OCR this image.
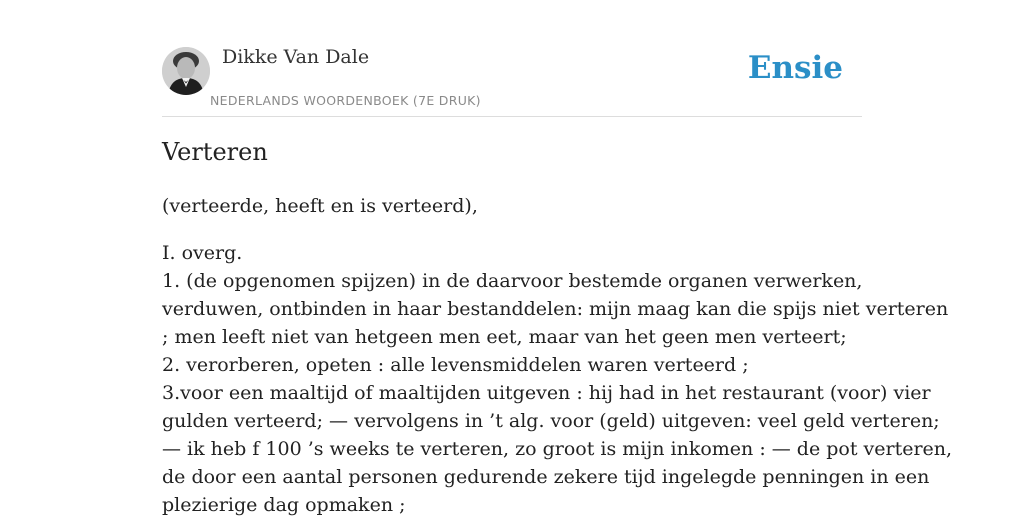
Dikke Van Dale
NEDERLANDS WOORDENBOEK (7E DRUK)
Ensie
Verteren

(verteerde, heeft en is verteerd),

I. overg.
1. (de opgenomen spijzen) in de daarvoor bestemde organen verwerken,
verduwen, ontbinden in haar bestanddelen: mijn maag kan die spijs niet verteren
; men leeft niet van hetgeen men eet, maar van het geen men verteert;
2. verorberen, opeten : alle levensmiddelen waren verteerd ;
3.voor een maaltijd of maaltijden uitgeven : hij had in het restaurant (voor) vier
gulden verteerd; — vervolgens in ’t alg. voor (geld) uitgeven: veel geld verteren;
— ik heb f 100 ’s weeks te verteren, zo groot is mijn inkomen : — de pot verteren,
de door een aantal personen gedurende zekere tijd ingelegde penningen in een
plezierige dag opmaken ;
